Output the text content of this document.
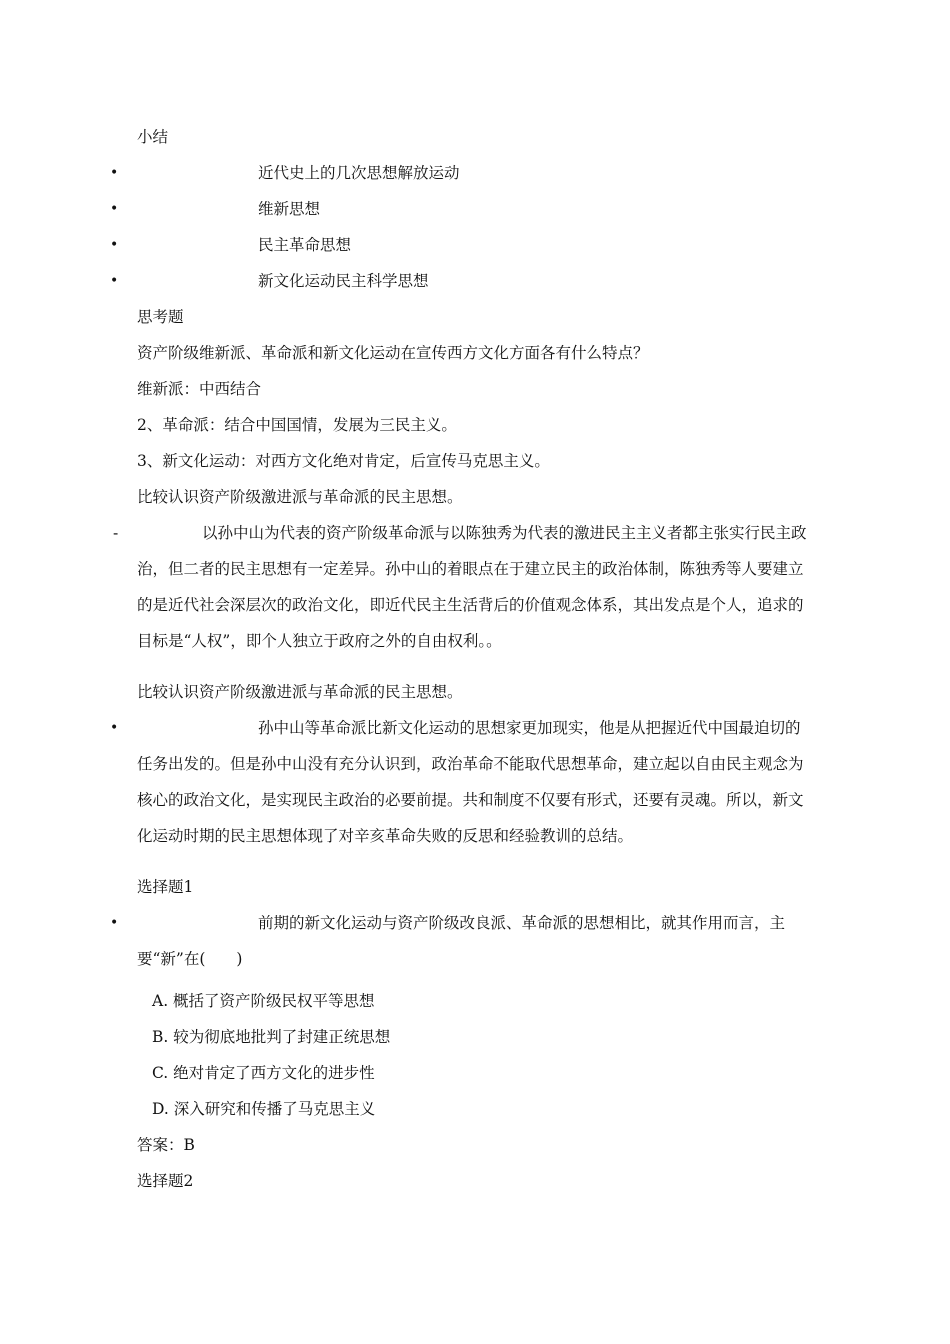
小结
•	近代史上的几次思想解放运动
•	维新思想
•	民主革命思想
•	新文化运动民主科学思想
思考题
资产阶级维新派、革命派和新文化运动在宣传西方文化方面各有什么特点？
维新派：中西结合
2、革命派：结合中国国情，发展为三民主义。
3、新文化运动：对西方文化绝对肯定，后宣传马克思主义。
比较认识资产阶级激进派与革命派的民主思想。
-	以孙中山为代表的资产阶级革命派与以陈独秀为代表的激进民主主义者都主张实行民主政治，但二者的民主思想有一定差异。孙中山的着眼点在于建立民主的政治体制，陈独秀等人要建立的是近代社会深层次的政治文化，即近代民主生活背后的价值观念体系，其出发点是个人，追求的目标是“人权”，即个人独立于政府之外的自由权利。。
比较认识资产阶级激进派与革命派的民主思想。
•	孙中山等革命派比新文化运动的思想家更加现实，他是从把握近代中国最迫切的任务出发的。但是孙中山没有充分认识到，政治革命不能取代思想革命，建立起以自由民主观念为核心的政治文化，是实现民主政治的必要前提。共和制度不仅要有形式，还要有灵魂。所以，新文化运动时期的民主思想体现了对辛亥革命失败的反思和经验教训的总结。
选择题1
•	前期的新文化运动与资产阶级改良派、革命派的思想相比，就其作用而言，主要“新”在(　　)
A. 概括了资产阶级民权平等思想
B. 较为彻底地批判了封建正统思想
C. 绝对肯定了西方文化的进步性
D. 深入研究和传播了马克思主义
答案：B
选择题2
